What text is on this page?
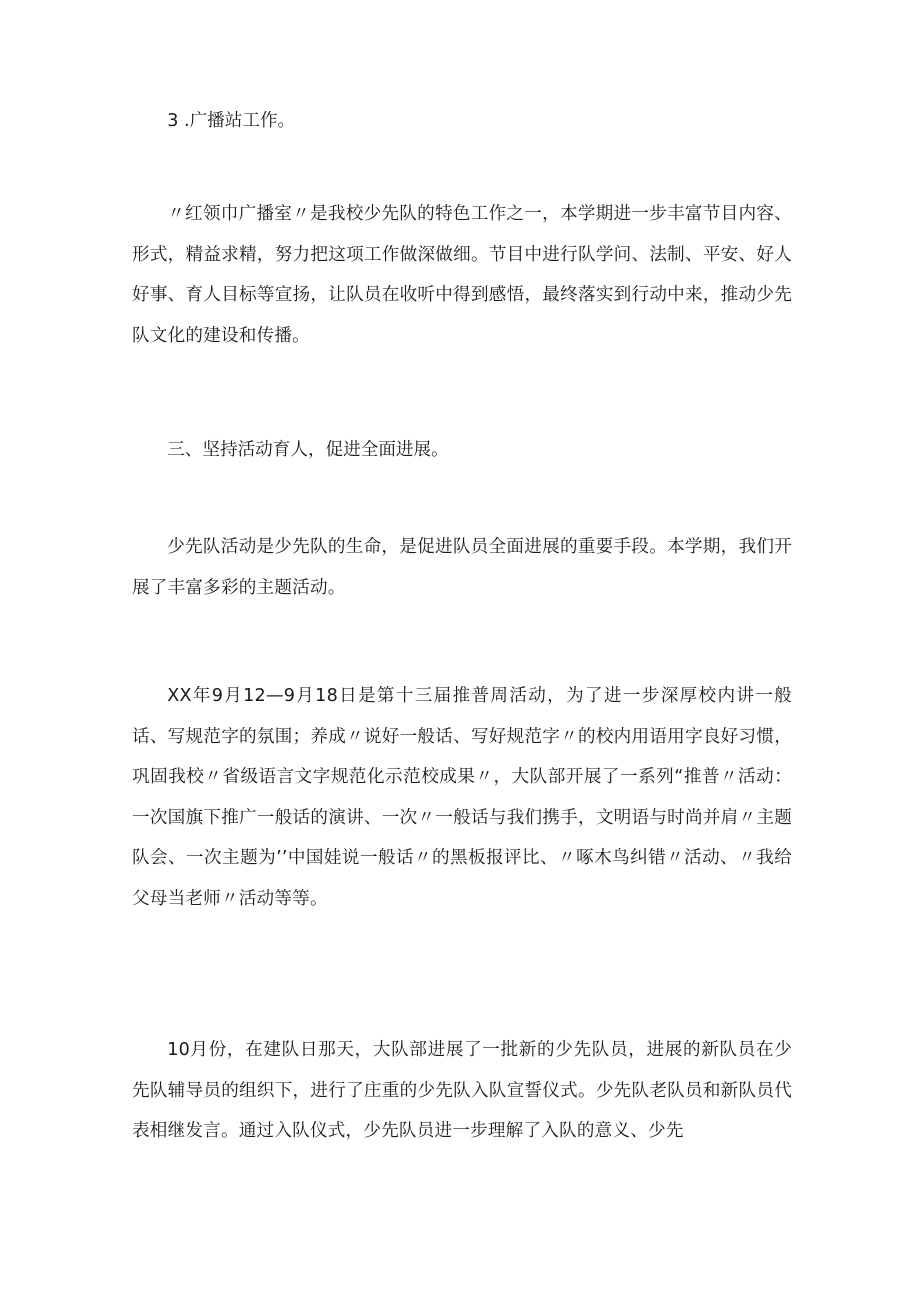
3 .广播站工作。

〃红领巾广播室〃是我校少先队的特色工作之一，本学期进一步丰富节目内容、形式，精益求精，努力把这项工作做深做细。节目中进行队学问、法制、平安、好人好事、育人目标等宣扬，让队员在收听中得到感悟，最终落实到行动中来，推动少先队文化的建设和传播。

三、坚持活动育人，促进全面进展。

少先队活动是少先队的生命，是促进队员全面进展的重要手段。本学期，我们开展了丰富多彩的主题活动。

XX年9月12—9月18日是第十三届推普周活动，为了进一步深厚校内讲一般话、写规范字的氛围；养成〃说好一般话、写好规范字〃的校内用语用字良好习惯，巩固我校〃省级语言文字规范化示范校成果〃，大队部开展了一系列“推普〃活动：一次国旗下推广一般话的演讲、一次〃一般话与我们携手，文明语与时尚并肩〃主题队会、一次主题为’’中国娃说一般话〃的黑板报评比、〃啄木鸟纠错〃活动、〃我给父母当老师〃活动等等。

10月份，在建队日那天，大队部进展了一批新的少先队员，进展的新队员在少先队辅导员的组织下，进行了庄重的少先队入队宣誓仪式。少先队老队员和新队员代表相继发言。通过入队仪式，少先队员进一步理解了入队的意义、少先
